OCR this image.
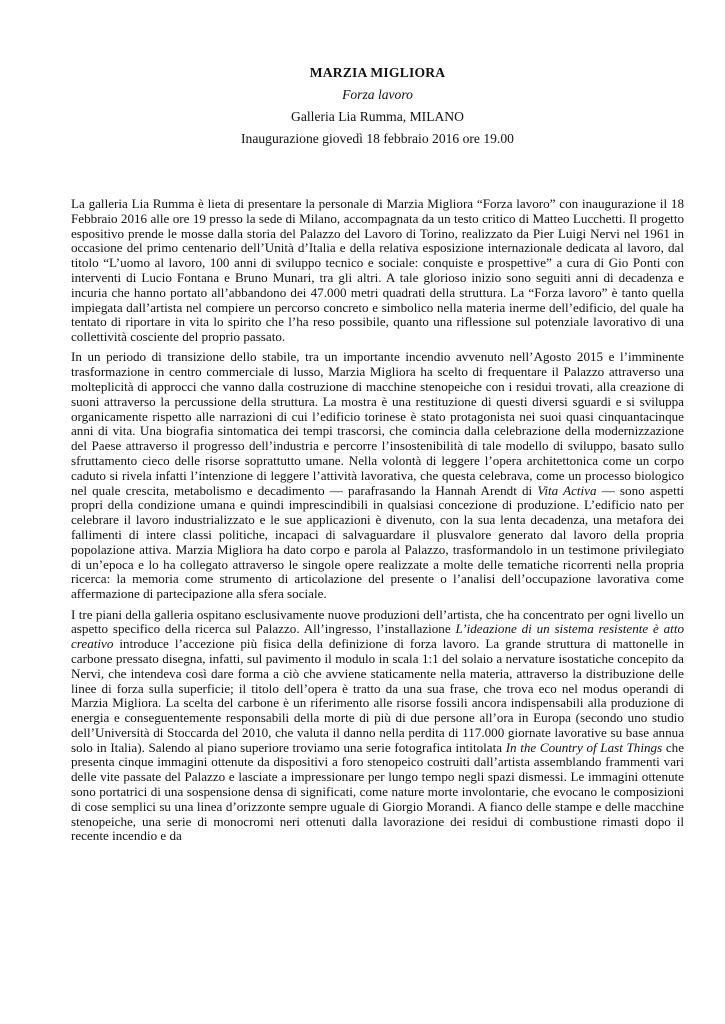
MARZIA MIGLIORA
Forza lavoro
Galleria Lia Rumma, MILANO
Inaugurazione giovedì 18 febbraio 2016 ore 19.00

La galleria Lia Rumma è lieta di presentare la personale di Marzia Migliora “Forza lavoro” con inaugurazione il 18 Febbraio 2016 alle ore 19 presso la sede di Milano, accompagnata da un testo critico di Matteo Lucchetti. Il progetto espositivo prende le mosse dalla storia del Palazzo del Lavoro di Torino, realizzato da Pier Luigi Nervi nel 1961 in occasione del primo centenario dell’Unità d’Italia e della relativa esposizione internazionale dedicata al lavoro, dal titolo “L’uomo al lavoro, 100 anni di sviluppo tecnico e sociale: conquiste e prospettive” a cura di Gio Ponti con interventi di Lucio Fontana e Bruno Munari, tra gli altri. A tale glorioso inizio sono seguiti anni di decadenza e incuria che hanno portato all’abbandono dei 47.000 metri quadrati della struttura. La “Forza lavoro” è tanto quella impiegata dall’artista nel compiere un percorso concreto e simbolico nella materia inerme dell’edificio, del quale ha tentato di riportare in vita lo spirito che l’ha reso possibile, quanto una riflessione sul potenziale lavorativo di una collettività cosciente del proprio passato.

In un periodo di transizione dello stabile, tra un importante incendio avvenuto nell’Agosto 2015 e l’imminente trasformazione in centro commerciale di lusso, Marzia Migliora ha scelto di frequentare il Palazzo attraverso una molteplicità di approcci che vanno dalla costruzione di macchine stenopeiche con i residui trovati, alla creazione di suoni attraverso la percussione della struttura. La mostra è una restituzione di questi diversi sguardi e si sviluppa organicamente rispetto alle narrazioni di cui l’edificio torinese è stato protagonista nei suoi quasi cinquantacinque anni di vita. Una biografia sintomatica dei tempi trascorsi, che comincia dalla celebrazione della modernizzazione del Paese attraverso il progresso dell’industria e percorre l’insostenibilità di tale modello di sviluppo, basato sullo sfruttamento cieco delle risorse soprattutto umane. Nella volontà di leggere l’opera architettonica come un corpo caduto si rivela infatti l’intenzione di leggere l’attività lavorativa, che questa celebrava, come un processo biologico nel quale crescita, metabolismo e decadimento — parafrasando la Hannah Arendt di Vita Activa — sono aspetti propri della condizione umana e quindi imprescindibili in qualsiasi concezione di produzione. L’edificio nato per celebrare il lavoro industrializzato e le sue applicazioni è divenuto, con la sua lenta decadenza, una metafora dei fallimenti di intere classi politiche, incapaci di salvaguardare il plusvalore generato dal lavoro della propria popolazione attiva. Marzia Migliora ha dato corpo e parola al Palazzo, trasformandolo in un testimone privilegiato di un’epoca e lo ha collegato attraverso le singole opere realizzate a molte delle tematiche ricorrenti nella propria ricerca: la memoria come strumento di articolazione del presente o l’analisi dell’occupazione lavorativa come affermazione di partecipazione alla sfera sociale.

I tre piani della galleria ospitano esclusivamente nuove produzioni dell’artista, che ha concentrato per ogni livello un aspetto specifico della ricerca sul Palazzo. All’ingresso, l’installazione L’ideazione di un sistema resistente è atto creativo introduce l’accezione più fisica della definizione di forza lavoro. La grande struttura di mattonelle in carbone pressato disegna, infatti, sul pavimento il modulo in scala 1:1 del solaio a nervature isostatiche concepito da Nervi, che intendeva così dare forma a ciò che avviene staticamente nella materia, attraverso la distribuzione delle linee di forza sulla superficie; il titolo dell’opera è tratto da una sua frase, che trova eco nel modus operandi di Marzia Migliora. La scelta del carbone è un riferimento alle risorse fossili ancora indispensabili alla produzione di energia e conseguentemente responsabili della morte di più di due persone all’ora in Europa (secondo uno studio dell’Università di Stoccarda del 2010, che valuta il danno nella perdita di 117.000 giornate lavorative su base annua solo in Italia). Salendo al piano superiore troviamo una serie fotografica intitolata In the Country of Last Things che presenta cinque immagini ottenute da dispositivi a foro stenopeico costruiti dall’artista assemblando frammenti vari delle vite passate del Palazzo e lasciate a impressionare per lungo tempo negli spazi dismessi. Le immagini ottenute sono portatrici di una sospensione densa di significati, come nature morte involontarie, che evocano le composizioni di cose semplici su una linea d’orizzonte sempre uguale di Giorgio Morandi. A fianco delle stampe e delle macchine stenopeiche, una serie di monocromi neri ottenuti dalla lavorazione dei residui di combustione rimasti dopo il recente incendio e da
